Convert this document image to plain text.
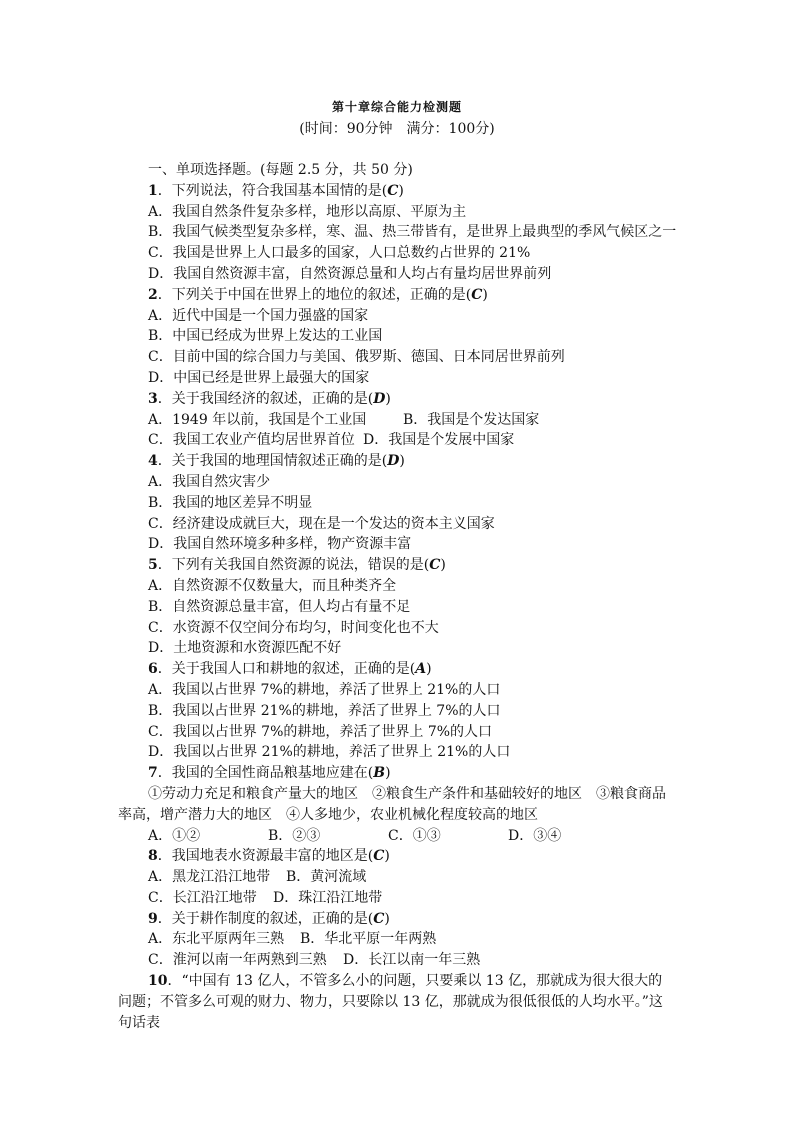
第十章综合能力检测题
(时间：90分钟　满分：100分)
一、单项选择题。(每题 2.5 分，共 50 分)
1．下列说法，符合我国基本国情的是(C)
A．我国自然条件复杂多样，地形以高原、平原为主
B．我国气候类型复杂多样，寒、温、热三带皆有，是世界上最典型的季风气候区之一
C．我国是世界上人口最多的国家，人口总数约占世界的 21%
D．我国自然资源丰富，自然资源总量和人均占有量均居世界前列
2．下列关于中国在世界上的地位的叙述，正确的是(C)
A．近代中国是一个国力强盛的国家
B．中国已经成为世界上发达的工业国
C．目前中国的综合国力与美国、俄罗斯、德国、日本同居世界前列
D．中国已经是世界上最强大的国家
3．关于我国经济的叙述，正确的是(D)
A．1949 年以前，我国是个工业国	B．我国是个发达国家
C．我国工农业产值均居世界首位 D．我国是个发展中国家
4．关于我国的地理国情叙述正确的是(D)
A．我国自然灾害少
B．我国的地区差异不明显
C．经济建设成就巨大，现在是一个发达的资本主义国家
D．我国自然环境多种多样，物产资源丰富
5．下列有关我国自然资源的说法，错误的是(C)
A．自然资源不仅数量大，而且种类齐全
B．自然资源总量丰富，但人均占有量不足
C．水资源不仅空间分布均匀，时间变化也不大
D．土地资源和水资源匹配不好
6．关于我国人口和耕地的叙述，正确的是(A)
A．我国以占世界 7%的耕地，养活了世界上 21%的人口
B．我国以占世界 21%的耕地，养活了世界上 7%的人口
C．我国以占世界 7%的耕地，养活了世界上 7%的人口
D．我国以占世界 21%的耕地，养活了世界上 21%的人口
7．我国的全国性商品粮基地应建在(B)
①劳动力充足和粮食产量大的地区　②粮食生产条件和基础较好的地区　③粮食商品率高，增产潜力大的地区　④人多地少，农业机械化程度较高的地区
A．①②	B．②③	C．①③	D．③④
8．我国地表水资源最丰富的地区是(C)
A．黑龙江沿江地带	B．黄河流域
C．长江沿江地带	D．珠江沿江地带
9．关于耕作制度的叙述，正确的是(C)
A．东北平原两年三熟	B．华北平原一年两熟
C．淮河以南一年两熟到三熟	D．长江以南一年三熟
10．“中国有 13 亿人，不管多么小的问题，只要乘以 13 亿，那就成为很大很大的问题；不管多么可观的财力、物力，只要除以 13 亿，那就成为很低很低的人均水平。”这句话表
